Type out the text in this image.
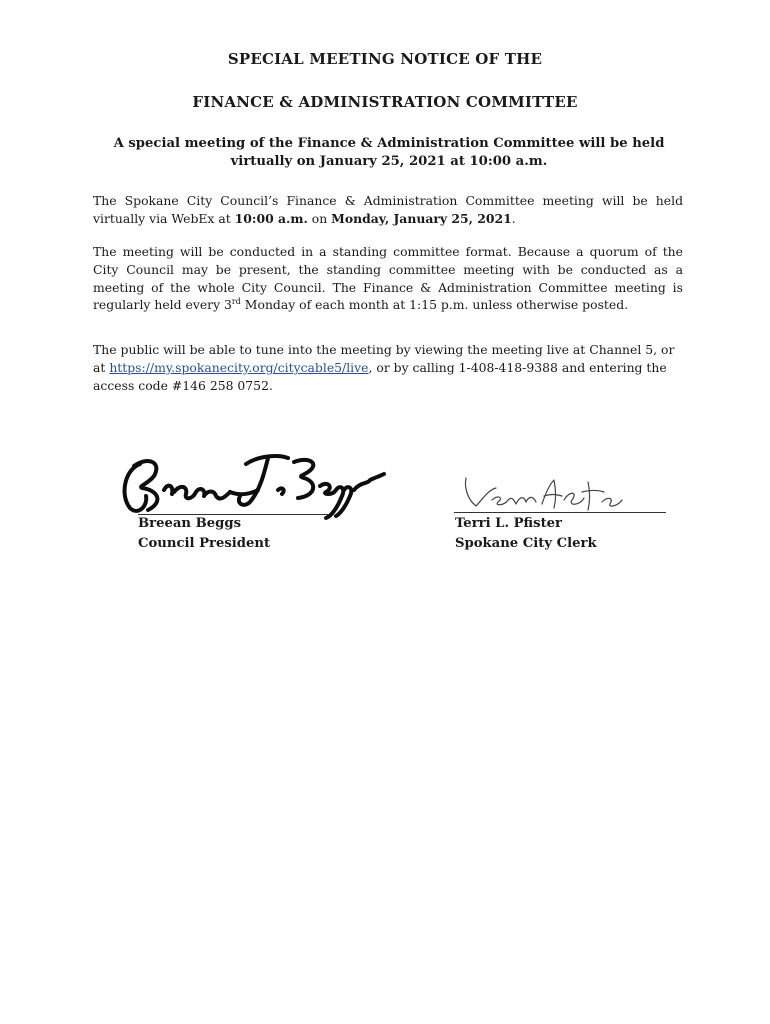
SPECIAL MEETING NOTICE OF THE
FINANCE & ADMINISTRATION COMMITTEE
A special meeting of the Finance & Administration Committee will be held virtually on January 25, 2021 at 10:00 a.m.
The Spokane City Council’s Finance & Administration Committee meeting will be held virtually via WebEx at 10:00 a.m. on Monday, January 25, 2021.
The meeting will be conducted in a standing committee format. Because a quorum of the City Council may be present, the standing committee meeting with be conducted as a meeting of the whole City Council. The Finance & Administration Committee meeting is regularly held every 3rd Monday of each month at 1:15 p.m. unless otherwise posted.
The public will be able to tune into the meeting by viewing the meeting live at Channel 5, or at https://my.spokanecity.org/citycable5/live, or by calling 1-408-418-9388 and entering the access code #146 258 0752.
Breean Beggs
Council President
Terri L. Pfister
Spokane City Clerk
